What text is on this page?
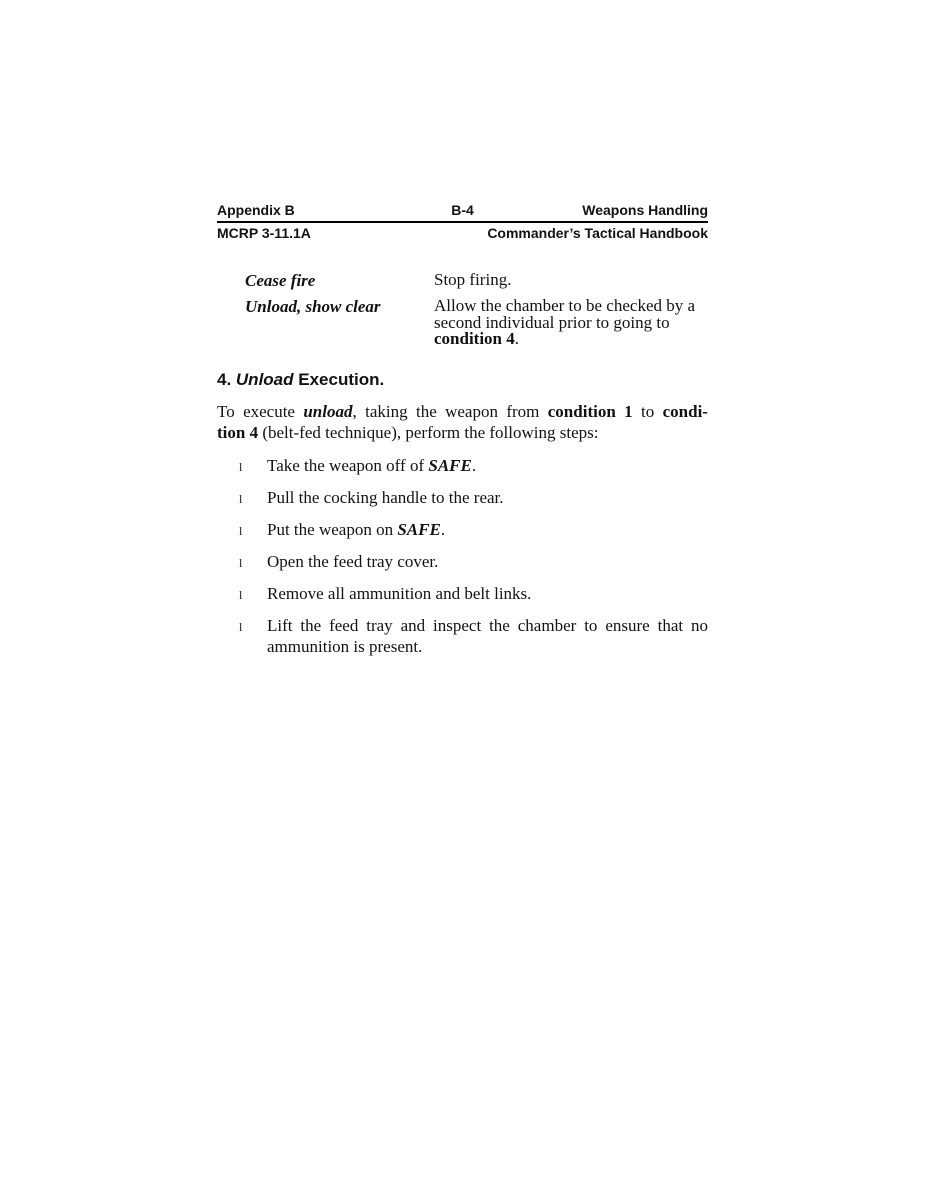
Appendix B	B-4	Weapons Handling
MCRP 3-11.1A	Commander’s Tactical Handbook
Cease fire	Stop firing.
Unload, show clear	Allow the chamber to be checked by a
second individual prior to going to
condition 4.
4. Unload Execution.

To execute unload, taking the weapon from condition 1 to condi-
tion 4 (belt-fed technique), perform the following steps:

l Take the weapon off of SAFE.
l Pull the cocking handle to the rear.
l Put the weapon on SAFE.
l Open the feed tray cover.
l Remove all ammunition and belt links.
l Lift the feed tray and inspect the chamber to ensure that no
ammunition is present.
